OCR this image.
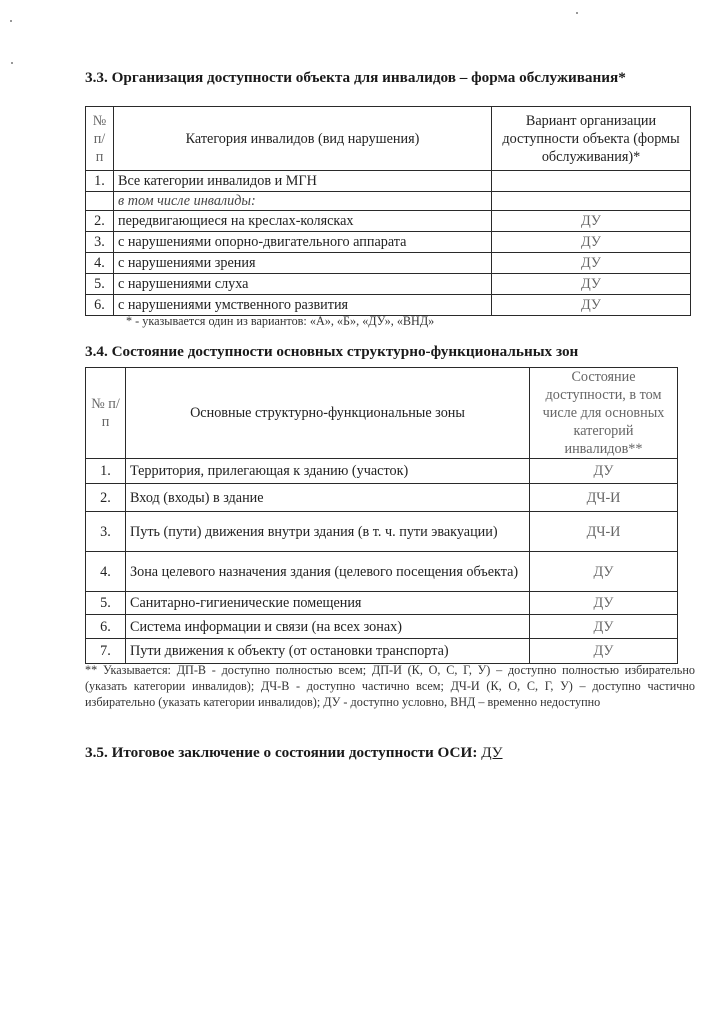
3.3. Организация доступности объекта для инвалидов – форма обслуживания*
№ п/п	Категория инвалидов (вид нарушения)	Вариант организации доступности объекта (формы обслуживания)*
1.	Все категории инвалидов и МГН	
	в том числе инвалиды:	
2.	передвигающиеся на креслах-колясках	ДУ
3.	с нарушениями опорно-двигательного аппарата	ДУ
4.	с нарушениями зрения	ДУ
5.	с нарушениями слуха	ДУ
6.	с нарушениями умственного развития	ДУ
* - указывается один из вариантов: «А», «Б», «ДУ», «ВНД»
3.4. Состояние доступности основных структурно-функциональных зон
№ п/п	Основные структурно-функциональные зоны	Состояние доступности, в том числе для основных категорий инвалидов**
1.	Территория, прилегающая к зданию (участок)	ДУ
2.	Вход (входы) в здание	ДЧ-И
3.	Путь (пути) движения внутри здания (в т. ч. пути эвакуации)	ДЧ-И
4.	Зона целевого назначения здания (целевого посещения объекта)	ДУ
5.	Санитарно-гигиенические помещения	ДУ
6.	Система информации и связи (на всех зонах)	ДУ
7.	Пути движения к объекту (от остановки транспорта)	ДУ
** Указывается: ДП-В - доступно полностью всем; ДП-И (К, О, С, Г, У) – доступно полностью избирательно (указать категории инвалидов); ДЧ-В - доступно частично всем; ДЧ-И (К, О, С, Г, У) – доступно частично избирательно (указать категории инвалидов); ДУ - доступно условно, ВНД – временно недоступно
3.5. Итоговое заключение о состоянии доступности ОСИ: ДУ
